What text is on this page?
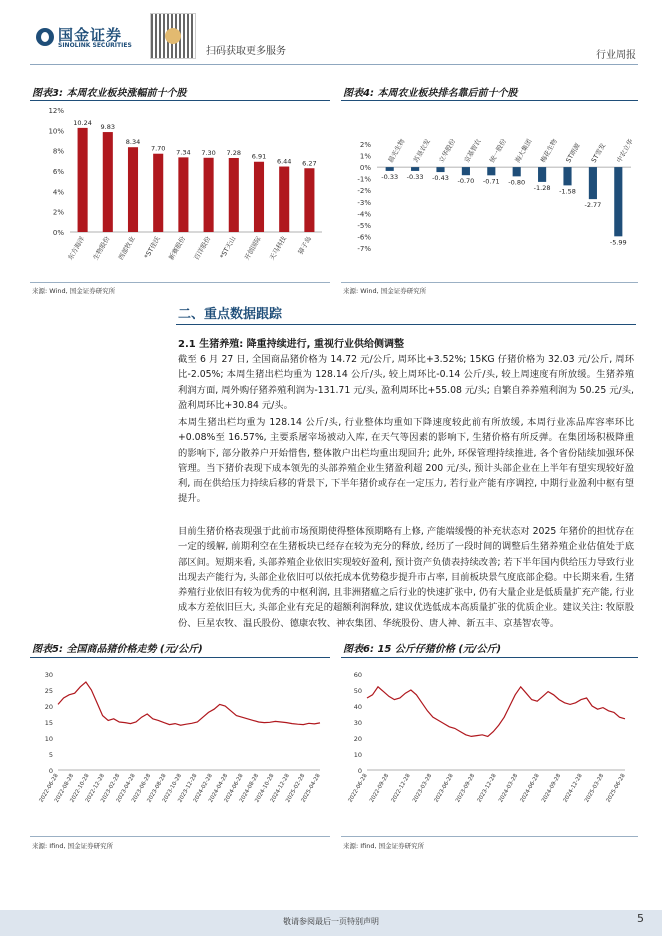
国金证券
SINOLINK SECURITIES
扫码获取更多服务	行业周报
图表3: 本周农业板块涨幅前十个股
0%
2%
4%
6%
8%
10%
12%
10.24
东方海洋
9.83
生物股份
8.34
西部牧业
7.70
*ST佳沃
7.34
新赛股份
7.30
百洋股份
7.28
*ST天山
6.91
开创国际
6.44
天马科技
6.27
獐子岛
来源: Wind, 国金证券研究所
图表4: 本周农业板块排名靠后前十个股
2%
1%
0%
-1%
-2%
-3%
-4%
-5%
-6%
-7%
-0.33
晨光生物
-0.33
苏垦农发
-0.43
立华股份
-0.70
京基智农
-0.71
统一股份
-0.80
海大集团
-1.28
梅花生物
-1.58
ST朗源
-2.77
ST雪发
-5.99
中农立华
来源: Wind, 国金证券研究所
二、重点数据跟踪
2.1 生猪养殖: 降重持续进行, 重视行业供给侧调整
截至 6 月 27 日, 全国商品猪价格为 14.72 元/公斤, 周环比+3.52%; 15KG 仔猪价格为 32.03 元/公斤, 周环比-2.05%; 本周生猪出栏均重为 128.14 公斤/头, 较上周环比-0.14 公斤/头, 较上周速度有所放缓。生猪养殖利润方面, 周外购仔猪养殖利润为-131.71 元/头, 盈利周环比+55.08 元/头; 自繁自养养殖利润为 50.25 元/头, 盈利周环比+30.84 元/头。
本周生猪出栏均重为 128.14 公斤/头, 行业整体均重如下降速度较此前有所放缓, 本周行业冻品库容率环比+0.08%至 16.57%, 主要系屠宰场被动入库, 在天气等因素的影响下, 生猪价格有所反弹。在集团场积极降重的影响下, 部分散养户开始惜售, 整体散户出栏均重出现回升; 此外, 环保管理持续推进, 各个省份陆续加强环保管理。当下猪价表现下成本领先的头部养殖企业生猪盈利超 200 元/头, 预计头部企业在上半年有望实现较好盈利, 而在供给压力持续后移的背景下, 下半年猪价或存在一定压力, 若行业产能有序调控, 中期行业盈利中枢有望提升。
目前生猪价格表现强于此前市场预期使得整体预期略有上修, 产能端缓慢的补充状态对 2025 年猪价的担忧存在一定的缓解, 前期利空在生猪板块已经存在较为充分的释放, 经历了一段时间的调整后生猪养殖企业估值处于底部区间。短期来看, 头部养殖企业依旧实现较好盈利, 预计资产负债表持续改善; 若下半年国内供给压力导致行业出现去产能行为, 头部企业依旧可以依托成本优势稳步提升市占率, 目前板块景气度底部企稳。中长期来看, 生猪养殖行业依旧有较为优秀的中枢利润, 且非洲猪瘟之后行业的快速扩张中, 仍有大量企业是低质量扩充产能, 行业成本方差依旧巨大, 头部企业有充足的超额利润释放, 建议优选低成本高质量扩张的优质企业。建议关注: 牧原股份、巨星农牧、温氏股份、德康农牧、神农集团、华统股份、唐人神、新五丰、京基智农等。
图表5: 全国商品猪价格走势 (元/公斤)
0
5
10
15
20
25
30
2022-06-28
2022-08-28
2022-10-28
2022-12-28
2023-02-28
2023-04-28
2023-06-28
2023-08-28
2023-10-28
2023-12-28
2024-02-28
2024-04-28
2024-06-28
2024-08-28
2024-10-28
2024-12-28
2025-02-28
2025-04-28
来源: Ifind, 国金证券研究所
图表6: 15 公斤仔猪价格 (元/公斤)
0
10
20
30
40
50
60
2022-06-28 2022-09-28 2022-12-28 2023-03-28 2023-06-28 2023-09-28 2023-12-28 2024-03-28 2024-06-28 2024-09-28 2024-12-28 2025-03-28 2025-06-28
来源: Ifind, 国金证券研究所
敬请参阅最后一页特别声明	5
